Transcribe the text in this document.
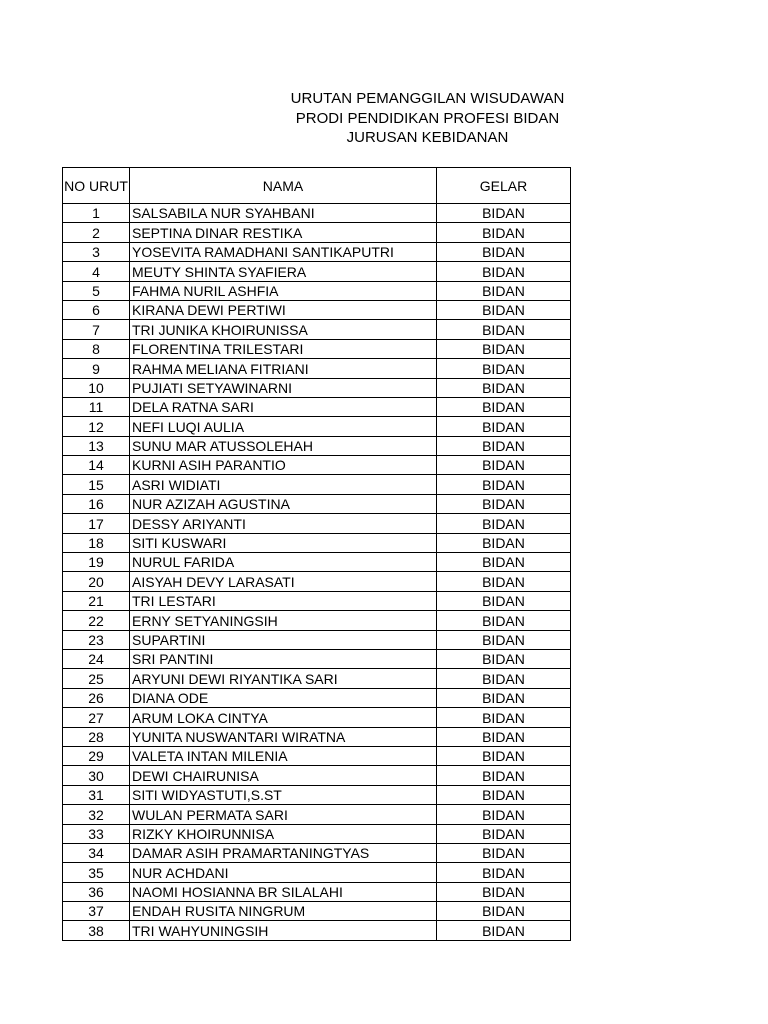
URUTAN PEMANGGILAN WISUDAWAN
PRODI PENDIDIKAN PROFESI BIDAN
JURUSAN KEBIDANAN
NO URUT	NAMA	GELAR
1	SALSABILA NUR SYAHBANI	BIDAN
2	SEPTINA DINAR RESTIKA	BIDAN
3	YOSEVITA RAMADHANI SANTIKAPUTRI	BIDAN
4	MEUTY SHINTA SYAFIERA	BIDAN
5	FAHMA NURIL ASHFIA	BIDAN
6	KIRANA DEWI PERTIWI	BIDAN
7	TRI JUNIKA KHOIRUNISSA	BIDAN
8	FLORENTINA TRILESTARI	BIDAN
9	RAHMA MELIANA FITRIANI	BIDAN
10	PUJIATI SETYAWINARNI	BIDAN
11	DELA RATNA SARI	BIDAN
12	NEFI LUQI AULIA	BIDAN
13	SUNU MAR ATUSSOLEHAH	BIDAN
14	KURNI ASIH PARANTIO	BIDAN
15	ASRI WIDIATI	BIDAN
16	NUR AZIZAH AGUSTINA	BIDAN
17	DESSY ARIYANTI	BIDAN
18	SITI KUSWARI	BIDAN
19	NURUL FARIDA	BIDAN
20	AISYAH DEVY LARASATI	BIDAN
21	TRI LESTARI	BIDAN
22	ERNY SETYANINGSIH	BIDAN
23	SUPARTINI	BIDAN
24	SRI PANTINI	BIDAN
25	ARYUNI DEWI RIYANTIKA SARI	BIDAN
26	DIANA ODE	BIDAN
27	ARUM LOKA CINTYA	BIDAN
28	YUNITA NUSWANTARI WIRATNA	BIDAN
29	VALETA INTAN MILENIA	BIDAN
30	DEWI CHAIRUNISA	BIDAN
31	SITI WIDYASTUTI,S.ST	BIDAN
32	WULAN PERMATA SARI	BIDAN
33	RIZKY KHOIRUNNISA	BIDAN
34	DAMAR ASIH PRAMARTANINGTYAS	BIDAN
35	NUR ACHDANI	BIDAN
36	NAOMI HOSIANNA BR SILALAHI	BIDAN
37	ENDAH RUSITA NINGRUM	BIDAN
38	TRI WAHYUNINGSIH	BIDAN
